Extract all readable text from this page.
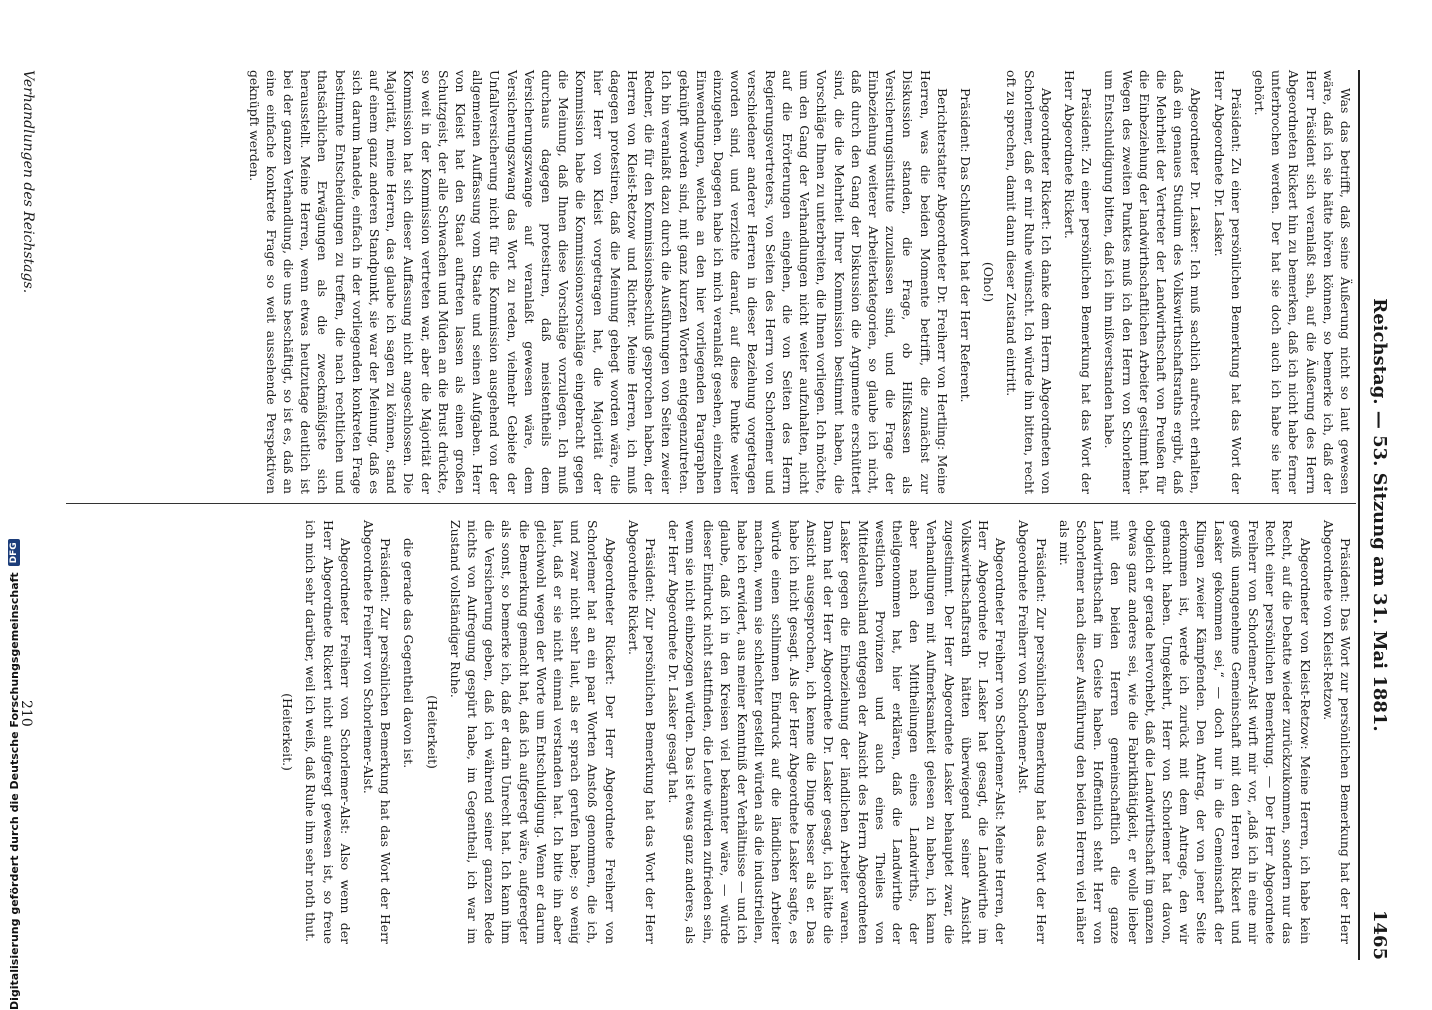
Reichstag. — 53. Sitzung am 31. Mai 1881.
1465

Was das betrifft, daß seine Äußerung nicht so laut gewesen wäre, daß ich sie hätte hören können, so bemerke ich, daß der Herr Präsident sich veranlaßt sah, auf die Äußerung des Herrn Abgeordneten Rickert hin zu bemerken, daß ich nicht habe ferner unterbrochen werden. Der hat sie doch auch ich habe sie hier gehört.

Präsident: Zu einer persönlichen Bemerkung hat das Wort der Herr Abgeordnete Dr. Lasker.

Abgeordneter Dr. Lasker: Ich muß sachlich aufrecht erhalten, daß ein genaues Studium des Volkswirthschaftsraths ergibt, daß die Mehrheit der Vertreter der Landwirthschaft von Preußen für die Einbeziehung der landwirthschaftlichen Arbeiter gestimmt hat. Wegen des zweiten Punktes muß ich den Herrn von Schorlemer um Entschuldigung bitten, daß ich ihn mißverstanden habe.

Präsident: Zu einer persönlichen Bemerkung hat das Wort der Herr Abgeordnete Rickert.

Abgeordneter Rickert: Ich danke dem Herrn Abgeordneten von Schorlemer, daß er mir Ruhe wünscht. Ich würde ihn bitten, recht oft zu sprechen, damit dann dieser Zustand eintritt.

(Oho!)

Präsident: Das Schlußwort hat der Herr Referent.

Berichterstatter Abgeordneter Dr. Freiherr von Hertling: Meine Herren, was die beiden Momente betrifft, die zunächst zur Diskussion standen, die Frage, ob Hilfskassen als Versicherungsinstitute zuzulassen sind, und die Frage der Einbeziehung weiterer Arbeiterkategorien, so glaube ich nicht, daß durch den Gang der Diskussion die Argumente erschüttert sind, die die Mehrheit Ihrer Kommission bestimmt haben, die Vorschläge Ihnen zu unterbreiten, die Ihnen vorliegen. Ich möchte, um den Gang der Verhandlungen nicht weiter aufzuhalten, nicht auf die Erörterungen eingehen, die von Seiten des Herrn Regierungsvertreters, von Seiten des Herrn von Schorlemer und verschiedener anderer Herren in dieser Beziehung vorgetragen worden sind, und verzichte darauf, auf diese Punkte weiter einzugehen. Dagegen habe ich mich veranlaßt gesehen, einzelnen Einwendungen, welche an den hier vorliegenden Paragraphen geknüpft worden sind, mit ganz kurzen Worten entgegenzutreten. Ich bin veranlaßt dazu durch die Ausführungen von Seiten zweier Redner, die für den Kommissionsbeschluß gesprochen haben, der Herren von Kleist-Retzow und Richter. Meine Herren, ich muß dagegen protestiren, daß die Meinung gehegt worden wäre, die hier Herr von Kleist vorgetragen hat, die Majorität der Kommission habe die Kommissionsvorschläge eingebracht gegen die Meinung, daß Ihnen diese Vorschläge vorzulegen. Ich muß durchaus dagegen protestiren, daß meistentheils dem Versicherungszwange auf veranlaßt gewesen wäre, dem Versicherungszwang das Wort zu reden, vielmehr Gebiete der Unfallversicherung nicht für die Kommission ausgehend von der allgemeinen Auffassung vom Staate und seinen Aufgaben. Herr von Kleist hat den Staat auftreten lassen als einen großen Schutzgeist, der alle Schwachen und Müden an die Brust drückte, so weit in der Kommission vertreten war, aber die Majorität der Kommission hat sich dieser Auffassung nicht angeschlossen. Die Majorität, meine Herren, das glaube ich sagen zu können, stand auf einem ganz anderen Standpunkt, sie war der Meinung, daß es sich darum handele, einfach in der vorliegenden konkreten Frage bestimmte Entscheidungen zu treffen, die nach rechtlichen und thatsächlichen Erwägungen als die zweckmäßigste sich herausstellt. Meine Herren, wenn etwas heutzutage deutlich ist bei der ganzen Verhandlung, die uns beschäftigt, so ist es, daß an eine einfache konkrete Frage so weit aussehende Perspektiven geknüpft werden.

Präsident: Das Wort zur persönlichen Bemerkung hat der Herr Abgeordnete von Kleist-Retzow.

Abgeordneter von Kleist-Retzow: Meine Herren, ich habe kein Recht, auf die Debatte wieder zurückzukommen, sondern nur das Recht einer persönlichen Bemerkung. — Der Herr Abgeordnete Freiherr von Schorlemer-Alst wirft mir vor, „daß ich in eine mir gewiß unangenehme Gemeinschaft mit den Herren Rickert und Lasker gekommen sei,“ — doch nur in die Gemeinschaft der Klingen zweier Kämpfenden. Den Antrag, der von jener Seite erkommen ist, werde ich zurück mit dem Antrage, den wir gemacht haben. Umgekehrt, Herr von Schorlemer hat davon, obgleich er gerade hervorhebt, daß die Landwirthschaft im ganzen etwas ganz anderes sei, wie die Fabrikthätigkeit, er wolle lieber mit den beiden Herren gemeinschaftlich die ganze Landwirthschaft im Geiste haben. Hoffentlich steht Herr von Schorlemer nach dieser Ausführung den beiden Herren viel näher als mir.

Präsident: Zur persönlichen Bemerkung hat das Wort der Herr Abgeordnete Freiherr von Schorlemer-Alst.

Abgeordneter Freiherr von Schorlemer-Alst: Meine Herren, der Herr Abgeordnete Dr. Lasker hat gesagt, die Landwirthe im Volkswirthschaftsrath hätten überwiegend seiner Ansicht zugestimmt. Der Herr Abgeordnete Lasker behauptet zwar, die Verhandlungen mit Aufmerksamkeit gelesen zu haben, ich kann aber nach den Mittheilungen eines Landwirths, der theilgenommen hat, hier erklären, daß die Landwirthe der westlichen Provinzen und auch eines Theiles von Mitteldeutschland entgegen der Ansicht des Herrn Abgeordneten Lasker gegen die Einbeziehung der ländlichen Arbeiter waren. Dann hat der Herr Abgeordnete Dr. Lasker gesagt, ich hätte die Ansicht ausgesprochen, ich kenne die Dinge besser als er. Das habe ich nicht gesagt. Als der Herr Abgeordnete Lasker sagte, es würde einen schlimmen Eindruck auf die ländlichen Arbeiter machen, wenn sie schlechter gestellt würden als die industriellen, habe ich erwidert, aus meiner Kenntniß der Verhältnisse — und ich glaube, daß ich in den Kreisen viel bekannter wäre, — würde dieser Eindruck nicht stattfinden, die Leute würden zufrieden sein, wenn sie nicht einbezogen würden. Das ist etwas ganz anderes, als der Herr Abgeordnete Dr. Lasker gesagt hat.

Präsident: Zur persönlichen Bemerkung hat das Wort der Herr Abgeordnete Rickert.

Abgeordneter Rickert: Der Herr Abgeordnete Freiherr von Schorlemer hat an ein paar Worten Anstoß genommen, die ich, und zwar nicht sehr laut, als er sprach gerufen habe; so wenig laut, daß er sie nicht einmal verstanden hat. Ich bitte ihn aber gleichwohl wegen der Worte um Entschuldigung. Wenn er darum die Bemerkung gemacht hat, daß ich aufgeregt wäre, aufgeregter als sonst, so bemerke ich, daß er darin Unrecht hat. Ich kann ihm die Versicherung geben, daß ich während seiner ganzen Rede nichts von Aufregung gespürt habe, im Gegentheil, ich war im Zustand vollständiger Ruhe.

(Heiterkeit)

die gerade das Gegentheil davon ist.

Präsident: Zur persönlichen Bemerkung hat das Wort der Herr Abgeordnete Freiherr von Schorlemer-Alst.

Abgeordneter Freiherr von Schorlemer-Alst: Also wenn der Herr Abgeordnete Rickert nicht aufgeregt gewesen ist, so freue ich mich sehr darüber, weil ich weiß, daß Ruhe ihm sehr noth thut.

(Heiterkeit.)

Verhandlungen des Reichstags.
210
Digitalisierung gefördert durch die Deutsche Forschungsgemeinschaft
DFG
